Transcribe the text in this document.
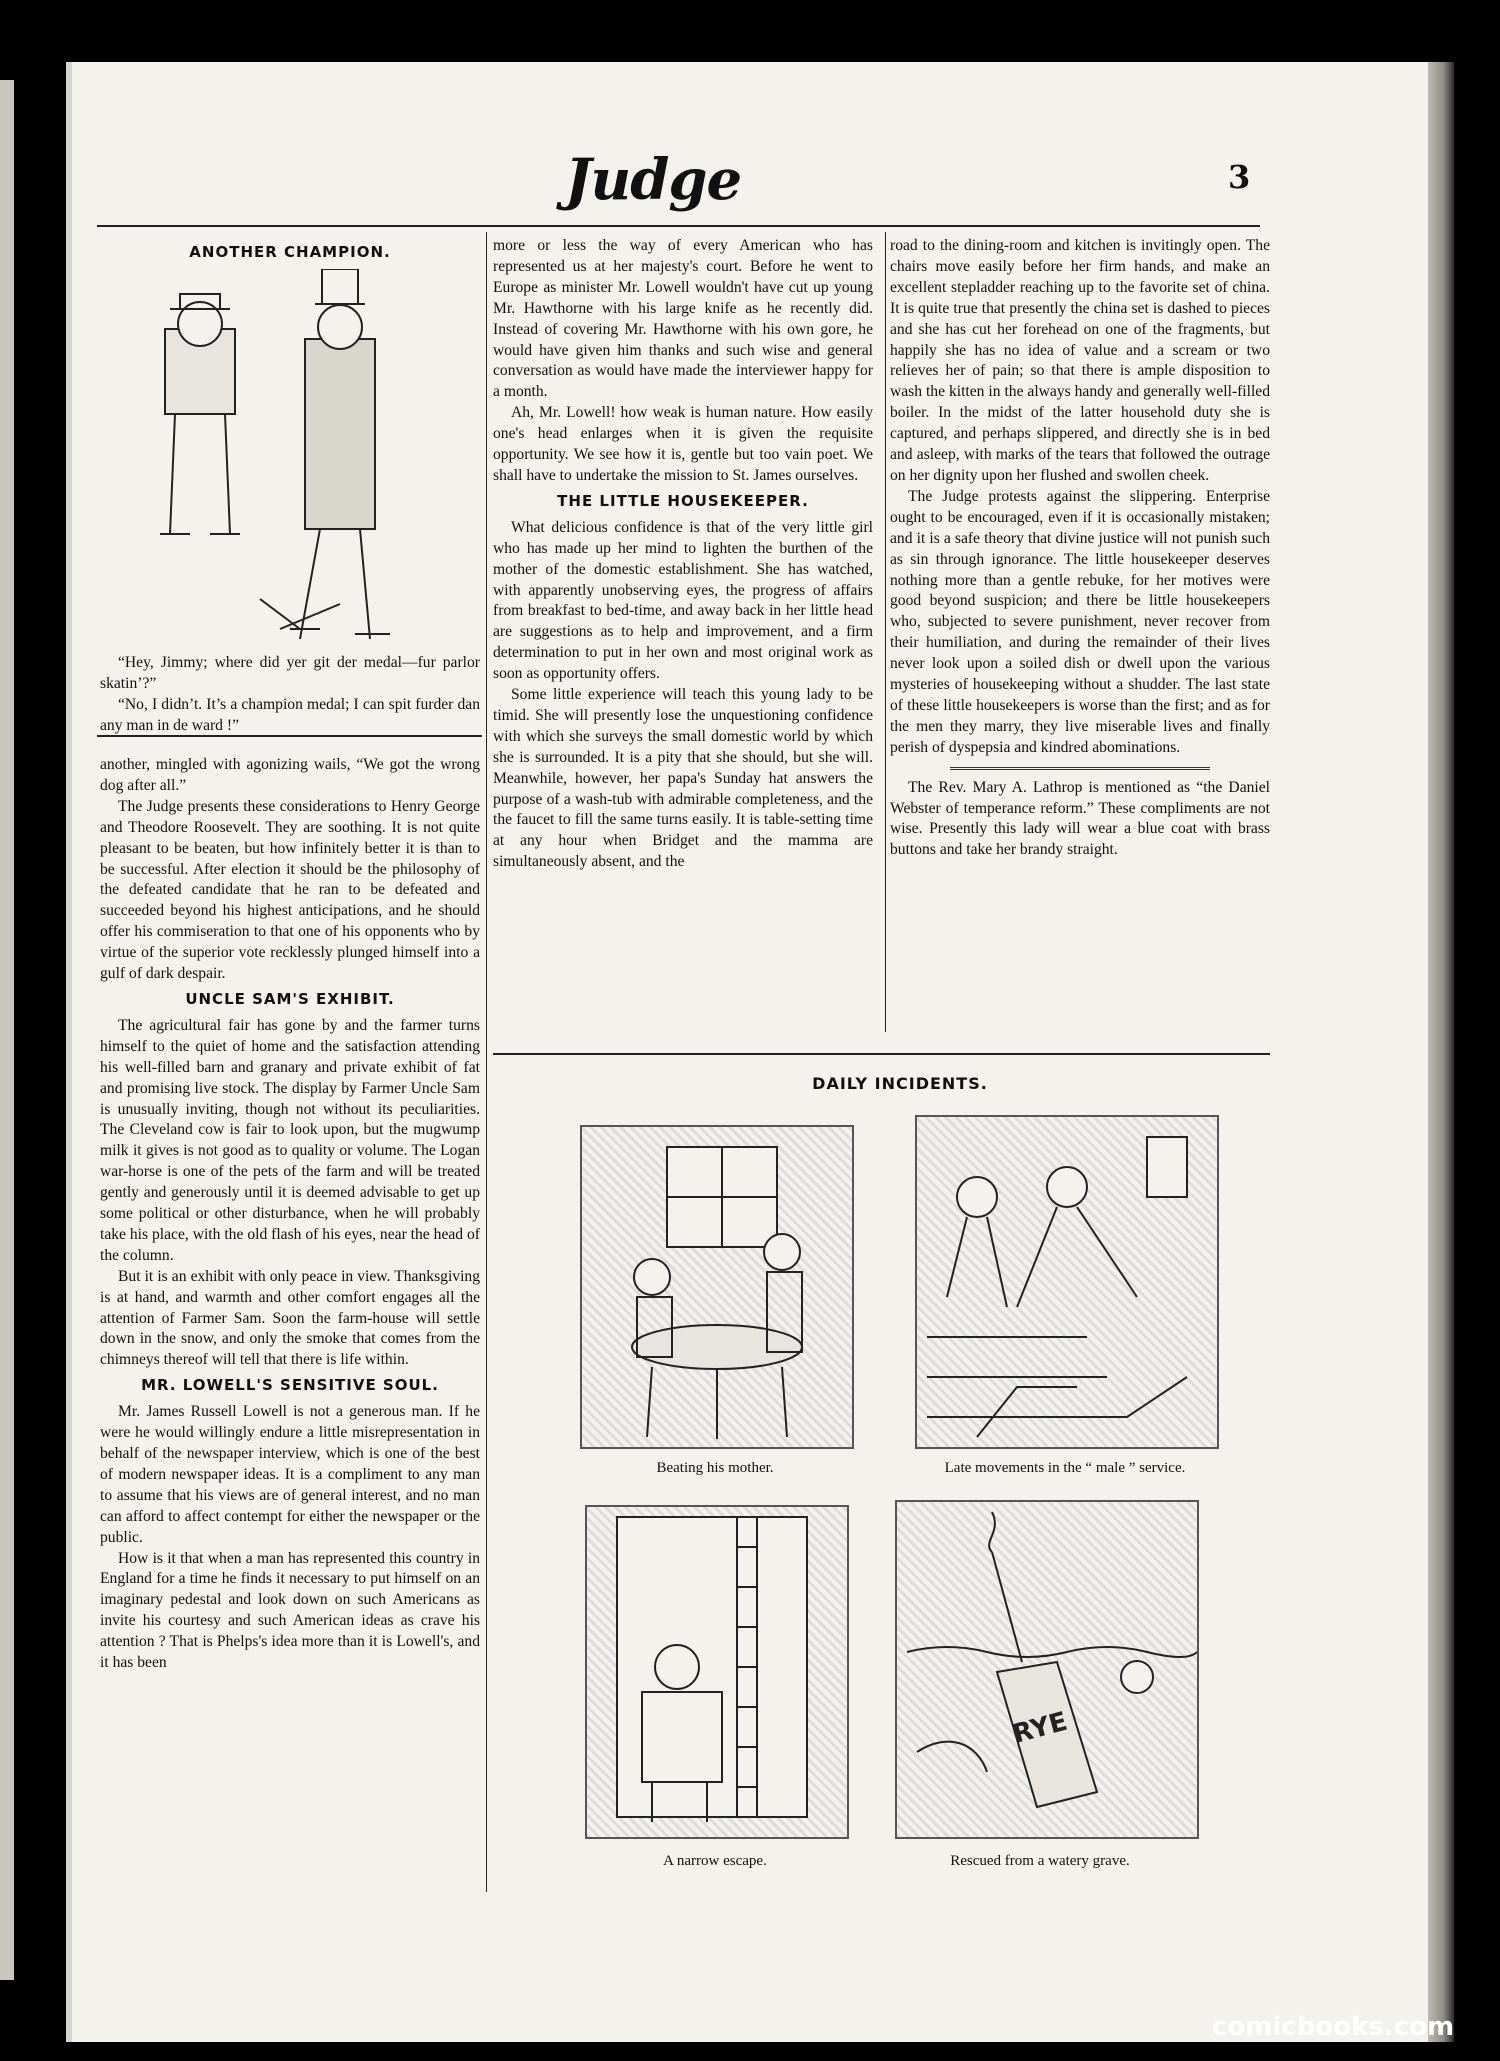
Judge	3
ANOTHER CHAMPION.

“Hey, Jimmy; where did yer git der medal—fur parlor skatin’?”

“No, I didn’t. It’s a champion medal; I can spit furder dan any man in de ward !”

another, mingled with agonizing wails, “We got the wrong dog after all.”

The Judge presents these considerations to Henry George and Theodore Roosevelt. They are soothing. It is not quite pleasant to be beaten, but how infinitely better it is than to be successful. After election it should be the philosophy of the defeated candidate that he ran to be defeated and succeeded beyond his highest anticipations, and he should offer his commiseration to that one of his opponents who by virtue of the superior vote recklessly plunged himself into a gulf of dark despair.

UNCLE SAM'S EXHIBIT.

The agricultural fair has gone by and the farmer turns himself to the quiet of home and the satisfaction attending his well-filled barn and granary and private exhibit of fat and promising live stock. The display by Farmer Uncle Sam is unusually inviting, though not without its peculiarities. The Cleveland cow is fair to look upon, but the mugwump milk it gives is not good as to quality or volume. The Logan war-horse is one of the pets of the farm and will be treated gently and generously until it is deemed advisable to get up some political or other disturbance, when he will probably take his place, with the old flash of his eyes, near the head of the column.

But it is an exhibit with only peace in view. Thanksgiving is at hand, and warmth and other comfort engages all the attention of Farmer Sam. Soon the farm-house will settle down in the snow, and only the smoke that comes from the chimneys thereof will tell that there is life within.

MR. LOWELL'S SENSITIVE SOUL.

Mr. James Russell Lowell is not a generous man. If he were he would willingly endure a little misrepresentation in behalf of the newspaper interview, which is one of the best of modern newspaper ideas. It is a compliment to any man to assume that his views are of general interest, and no man can afford to affect contempt for either the newspaper or the public.

How is it that when a man has represented this country in England for a time he finds it necessary to put himself on an imaginary pedestal and look down on such Americans as invite his courtesy and such American ideas as crave his attention ? That is Phelps's idea more than it is Lowell's, and it has been

more or less the way of every American who has represented us at her majesty's court. Before he went to Europe as minister Mr. Lowell wouldn't have cut up young Mr. Hawthorne with his large knife as he recently did. Instead of covering Mr. Hawthorne with his own gore, he would have given him thanks and such wise and general conversation as would have made the interviewer happy for a month.

Ah, Mr. Lowell! how weak is human nature. How easily one's head enlarges when it is given the requisite opportunity. We see how it is, gentle but too vain poet. We shall have to undertake the mission to St. James ourselves.

THE LITTLE HOUSEKEEPER.

What delicious confidence is that of the very little girl who has made up her mind to lighten the burthen of the mother of the domestic establishment. She has watched, with apparently unobserving eyes, the progress of affairs from breakfast to bed-time, and away back in her little head are suggestions as to help and improvement, and a firm determination to put in her own and most original work as soon as opportunity offers.

Some little experience will teach this young lady to be timid. She will presently lose the unquestioning confidence with which she surveys the small domestic world by which she is surrounded. It is a pity that she should, but she will. Meanwhile, however, her papa's Sunday hat answers the purpose of a wash-tub with admirable completeness, and the the faucet to fill the same turns easily. It is table-setting time at any hour when Bridget and the mamma are simultaneously absent, and the

road to the dining-room and kitchen is invitingly open. The chairs move easily before her firm hands, and make an excellent stepladder reaching up to the favorite set of china. It is quite true that presently the china set is dashed to pieces and she has cut her forehead on one of the fragments, but happily she has no idea of value and a scream or two relieves her of pain; so that there is ample disposition to wash the kitten in the always handy and generally well-filled boiler. In the midst of the latter household duty she is captured, and perhaps slippered, and directly she is in bed and asleep, with marks of the tears that followed the outrage on her dignity upon her flushed and swollen cheek.

The Judge protests against the slippering. Enterprise ought to be encouraged, even if it is occasionally mistaken; and it is a safe theory that divine justice will not punish such as sin through ignorance. The little housekeeper deserves nothing more than a gentle rebuke, for her motives were good beyond suspicion; and there be little housekeepers who, subjected to severe punishment, never recover from their humiliation, and during the remainder of their lives never look upon a soiled dish or dwell upon the various mysteries of housekeeping without a shudder. The last state of these little housekeepers is worse than the first; and as for the men they marry, they live miserable lives and finally perish of dyspepsia and kindred abominations.

The Rev. Mary A. Lathrop is mentioned as “the Daniel Webster of temperance reform.” These compliments are not wise. Presently this lady will wear a blue coat with brass buttons and take her brandy straight.

DAILY INCIDENTS.
Beating his mother.	Late movements in the “ male ” service.
A narrow escape.
RYE
Rescued from a watery grave.
comicbooks.com
